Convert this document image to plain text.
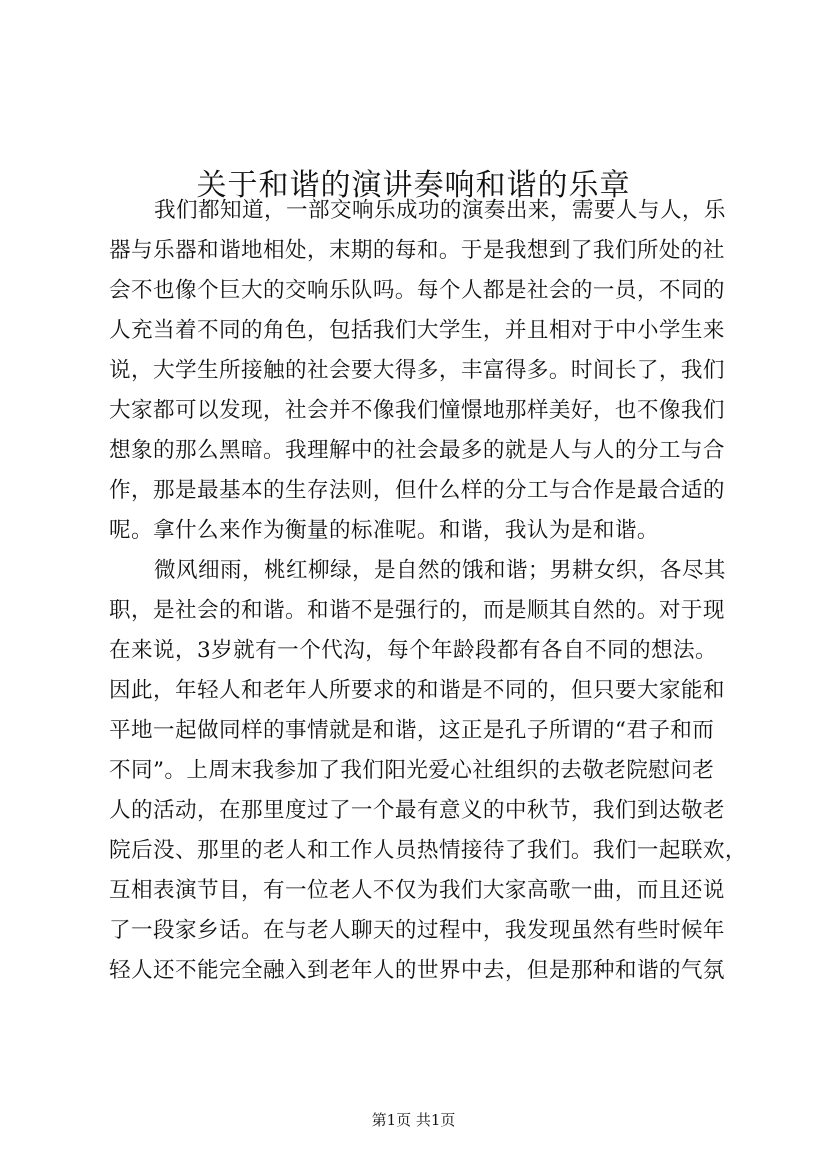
关于和谐的演讲奏响和谐的乐章
我们都知道，一部交响乐成功的演奏出来，需要人与人，乐
器与乐器和谐地相处，末期的每和。于是我想到了我们所处的社
会不也像个巨大的交响乐队吗。每个人都是社会的一员，不同的
人充当着不同的角色，包括我们大学生，并且相对于中小学生来
说，大学生所接触的社会要大得多，丰富得多。时间长了，我们
大家都可以发现，社会并不像我们憧憬地那样美好，也不像我们
想象的那么黑暗。我理解中的社会最多的就是人与人的分工与合
作，那是最基本的生存法则，但什么样的分工与合作是最合适的
呢。拿什么来作为衡量的标准呢。和谐，我认为是和谐。
微风细雨，桃红柳绿，是自然的饿和谐；男耕女织，各尽其
职，是社会的和谐。和谐不是强行的，而是顺其自然的。对于现
在来说，3岁就有一个代沟，每个年龄段都有各自不同的想法。
因此，年轻人和老年人所要求的和谐是不同的，但只要大家能和
平地一起做同样的事情就是和谐，这正是孔子所谓的“君子和而
不同”。上周末我参加了我们阳光爱心社组织的去敬老院慰问老
人的活动，在那里度过了一个最有意义的中秋节，我们到达敬老
院后没、那里的老人和工作人员热情接待了我们。我们一起联欢，
互相表演节目，有一位老人不仅为我们大家高歌一曲，而且还说
了一段家乡话。在与老人聊天的过程中，我发现虽然有些时候年
轻人还不能完全融入到老年人的世界中去，但是那种和谐的气氛
第1页 共1页
